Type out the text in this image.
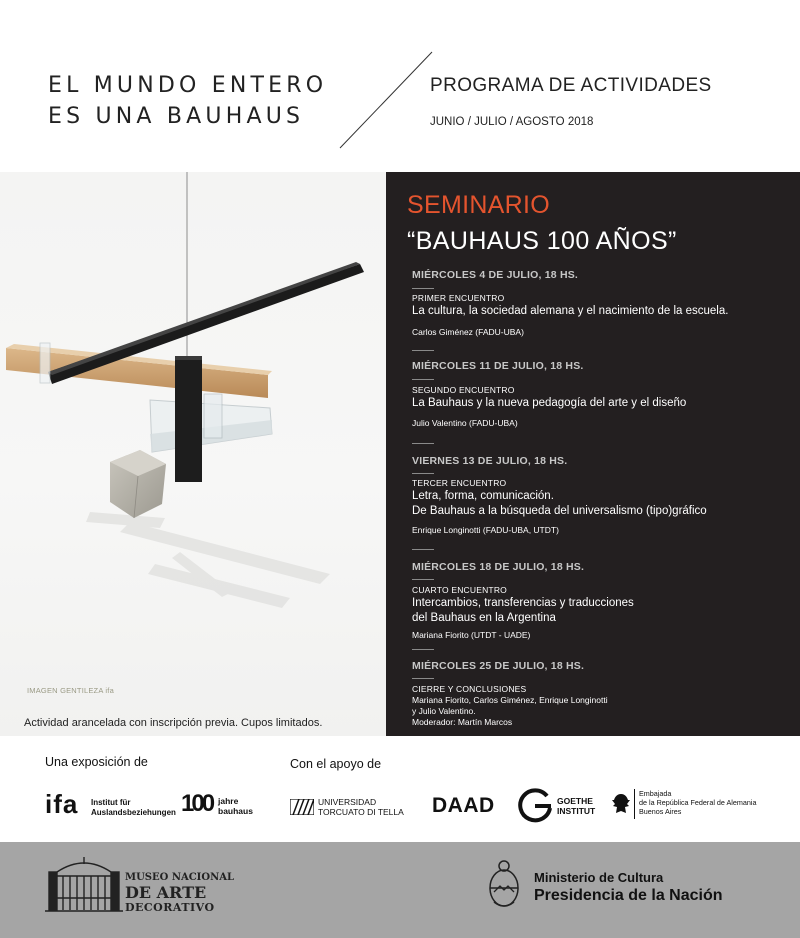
EL MUNDO ENTERO
ES UNA BAUHAUS
PROGRAMA DE ACTIVIDADES
JUNIO / JULIO / AGOSTO 2018
IMAGEN GENTILEZA ifa
Actividad arancelada con inscripción previa. Cupos limitados.
SEMINARIO
“BAUHAUS 100 AÑOS”
MIÉRCOLES 4 DE JULIO, 18 HS.
PRIMER ENCUENTRO
La cultura, la sociedad alemana y el nacimiento de la escuela.
Carlos Giménez (FADU-UBA)
MIÉRCOLES 11 DE JULIO, 18 HS.
SEGUNDO ENCUENTRO
La Bauhaus y la nueva pedagogía del arte y el diseño
Julio Valentino (FADU-UBA)
VIERNES 13 DE JULIO, 18 HS.
TERCER ENCUENTRO
Letra, forma, comunicación.
De Bauhaus a la búsqueda del universalismo (tipo)gráfico
Enrique Longinotti (FADU-UBA, UTDT)
MIÉRCOLES 18 DE JULIO, 18 HS.
CUARTO ENCUENTRO
Intercambios, transferencias y traducciones
del Bauhaus en la Argentina
Mariana Fiorito (UTDT - UADE)
MIÉRCOLES 25 DE JULIO, 18 HS.
CIERRE Y CONCLUSIONES
Mariana Fiorito, Carlos Giménez, Enrique Longinotti
y Julio Valentino.
Moderador: Martín Marcos
Una exposición de	Con el apoyo de
ifa Institut für
Auslandsbeziehungen 100 jahre
bauhaus
UNIVERSIDAD
TORCUATO DI TELLA DAAD	GOETHE
INSTITUT
Embajada
de la República Federal de Alemania
Buenos Aires
MUSEO NACIONAL
DE ARTE
DECORATIVO
Ministerio de Cultura
Presidencia de la Nación
